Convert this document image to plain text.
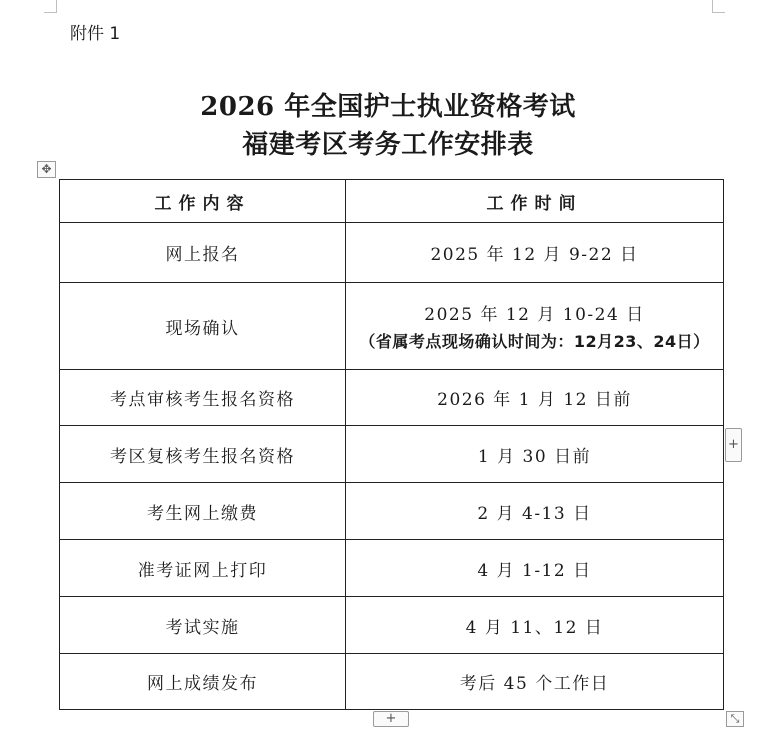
附件 1
2026 年全国护士执业资格考试
福建考区考务工作安排表
✥
工作内容	工作时间
网上报名	2025 年 12 月 9-22 日
现场确认	2025 年 12 月 10-24 日
（省属考点现场确认时间为：12月23、24日）

考点审核考生报名资格	2026 年 1 月 12 日前
考区复核考生报名资格	1 月 30 日前
考生网上缴费	2 月 4-13 日
准考证网上打印	4 月 1-12 日
考试实施	4 月 11、12 日
网上成绩发布	考后 45 个工作日
+
+	⤡
